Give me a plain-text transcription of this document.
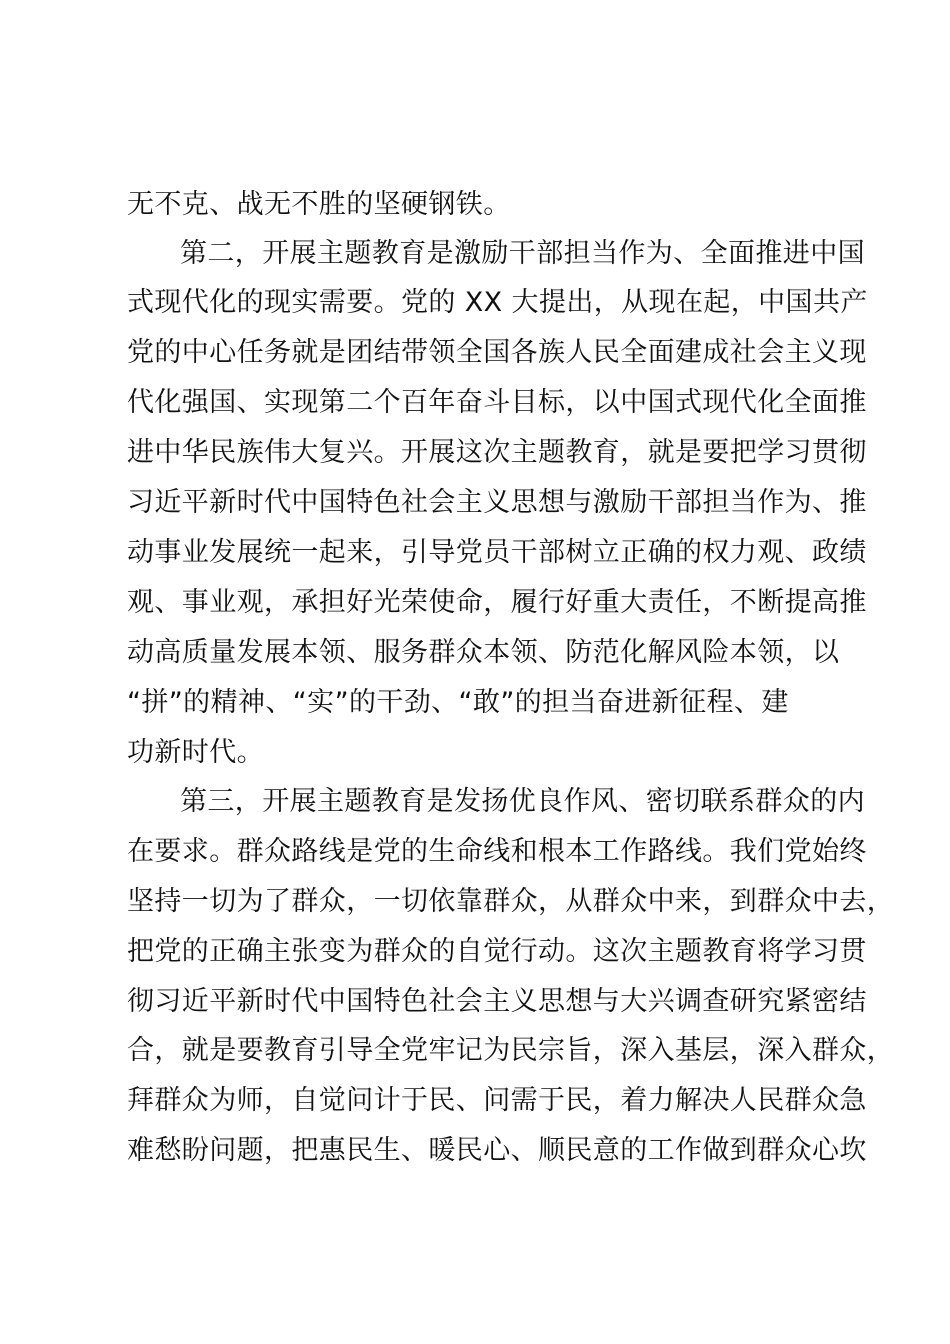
无不克、战无不胜的坚硬钢铁。
第二，开展主题教育是激励干部担当作为、全面推进中国
式现代化的现实需要。党的 XX 大提出，从现在起，中国共产
党的中心任务就是团结带领全国各族人民全面建成社会主义现
代化强国、实现第二个百年奋斗目标，以中国式现代化全面推
进中华民族伟大复兴。开展这次主题教育，就是要把学习贯彻
习近平新时代中国特色社会主义思想与激励干部担当作为、推
动事业发展统一起来，引导党员干部树立正确的权力观、政绩
观、事业观，承担好光荣使命，履行好重大责任，不断提高推
动高质量发展本领、服务群众本领、防范化解风险本领，以
“拼”的精神、“实”的干劲、“敢”的担当奋进新征程、建
功新时代。
第三，开展主题教育是发扬优良作风、密切联系群众的内
在要求。群众路线是党的生命线和根本工作路线。我们党始终
坚持一切为了群众，一切依靠群众，从群众中来，到群众中去，
把党的正确主张变为群众的自觉行动。这次主题教育将学习贯
彻习近平新时代中国特色社会主义思想与大兴调查研究紧密结
合，就是要教育引导全党牢记为民宗旨，深入基层，深入群众，
拜群众为师，自觉问计于民、问需于民，着力解决人民群众急
难愁盼问题，把惠民生、暖民心、顺民意的工作做到群众心坎
